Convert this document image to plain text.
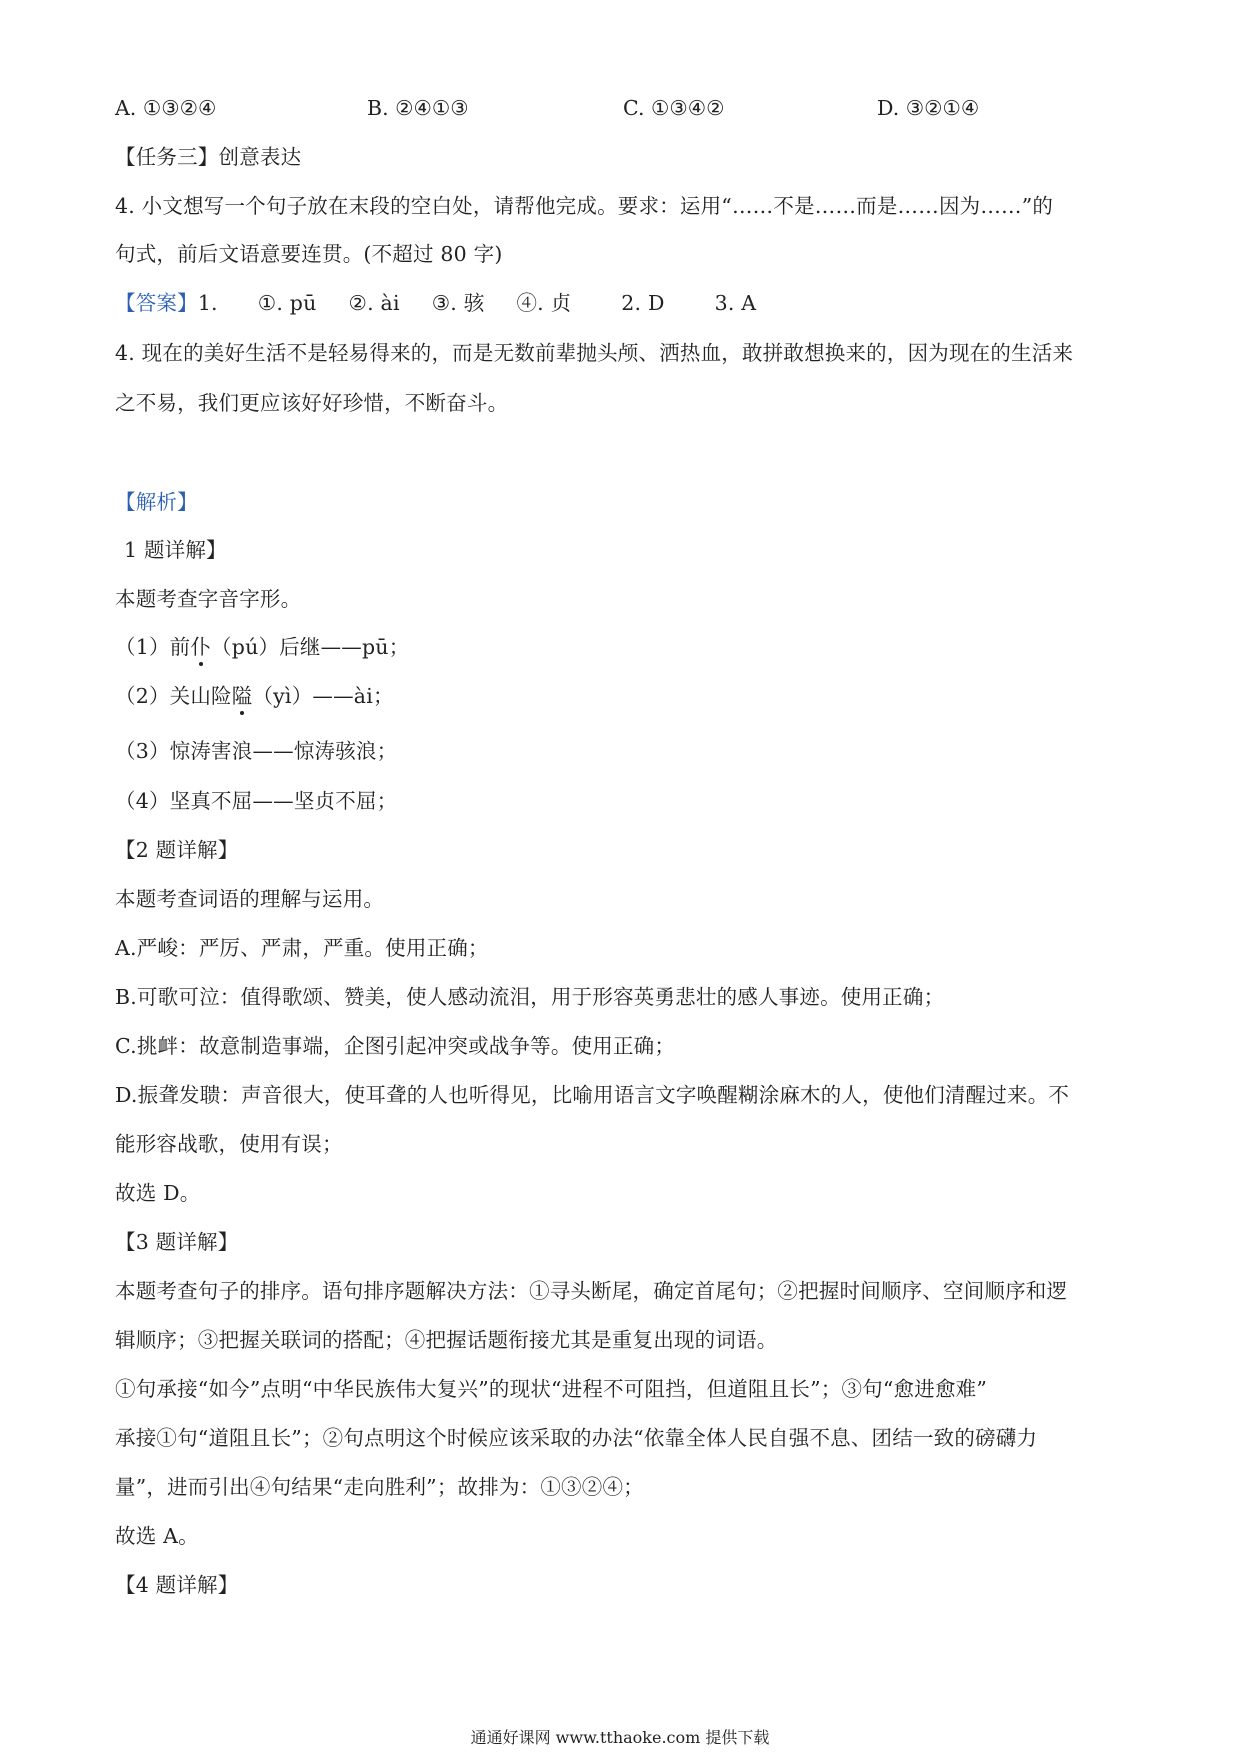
A. ①③②④	B. ②④①③	C. ①③④②	D. ③②①④
【任务三】创意表达
4. 小文想写一个句子放在末段的空白处，请帮他完成。要求：运用“……不是……而是……因为……”的
句式，前后文语意要连贯。(不超过 80 字)
【答案】1. ①. pū ②. ài ③. 骇 ④. 贞 2. D 3. A
4. 现在的美好生活不是轻易得来的，而是无数前辈抛头颅、洒热血，敢拼敢想换来的，因为现在的生活来
之不易，我们更应该好好珍惜，不断奋斗。
【解析】
1 题详解】
本题考查字音字形。
（1）前仆（pú）后继——pū；
（2）关山险隘（yì）——ài；
（3）惊涛害浪——惊涛骇浪；
（4）坚真不屈——坚贞不屈；
【2 题详解】
本题考查词语的理解与运用。
A.严峻：严厉、严肃，严重。使用正确；
B.可歌可泣：值得歌颂、赞美，使人感动流泪，用于形容英勇悲壮的感人事迹。使用正确；
C.挑衅：故意制造事端，企图引起冲突或战争等。使用正确；
D.振聋发聩：声音很大，使耳聋的人也听得见，比喻用语言文字唤醒糊涂麻木的人，使他们清醒过来。不
能形容战歌，使用有误；
故选 D。
【3 题详解】
本题考查句子的排序。语句排序题解决方法：①寻头断尾，确定首尾句；②把握时间顺序、空间顺序和逻
辑顺序；③把握关联词的搭配；④把握话题衔接尤其是重复出现的词语。
①句承接“如今”点明“中华民族伟大复兴”的现状“进程不可阻挡，但道阻且长”；③句“愈进愈难”
承接①句“道阻且长”；②句点明这个时候应该采取的办法“依靠全体人民自强不息、团结一致的磅礴力
量”，进而引出④句结果“走向胜利”；故排为：①③②④；
故选 A。
【4 题详解】
通通好课网 www.tthaoke.com 提供下载
